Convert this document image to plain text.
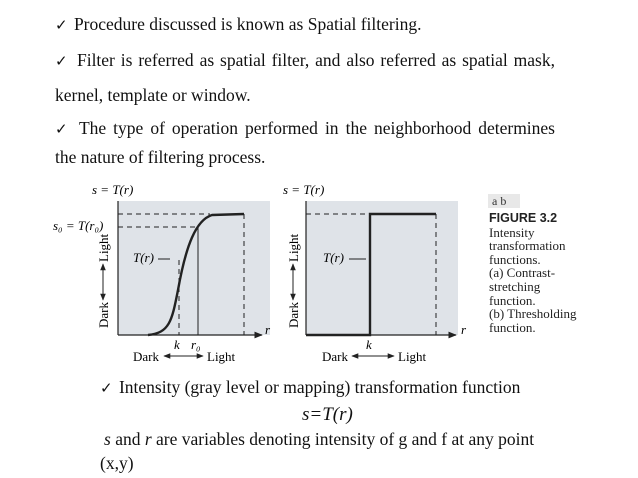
✓ Procedure discussed is known as Spatial filtering.
✓ Filter is referred as spatial filter, and also referred as spatial mask,
kernel, template or window.
✓ The type of operation performed in the neighborhood determines
the nature of filtering process.
s = T(r)
s₀ = T(r₀)
r
T(r)
Light
Dark
k r₀
Dark	Light
s = T(r)
r
T(r)
Light
Dark
k
Dark	Light
a b
FIGURE 3.2
Intensity
transformation
functions.
(a) Contrast-
stretching
function.
(b) Thresholding
function.
✓ Intensity (gray level or mapping) transformation function
s=T(r)
s and r are variables denoting intensity of g and f at any point
(x,y)
